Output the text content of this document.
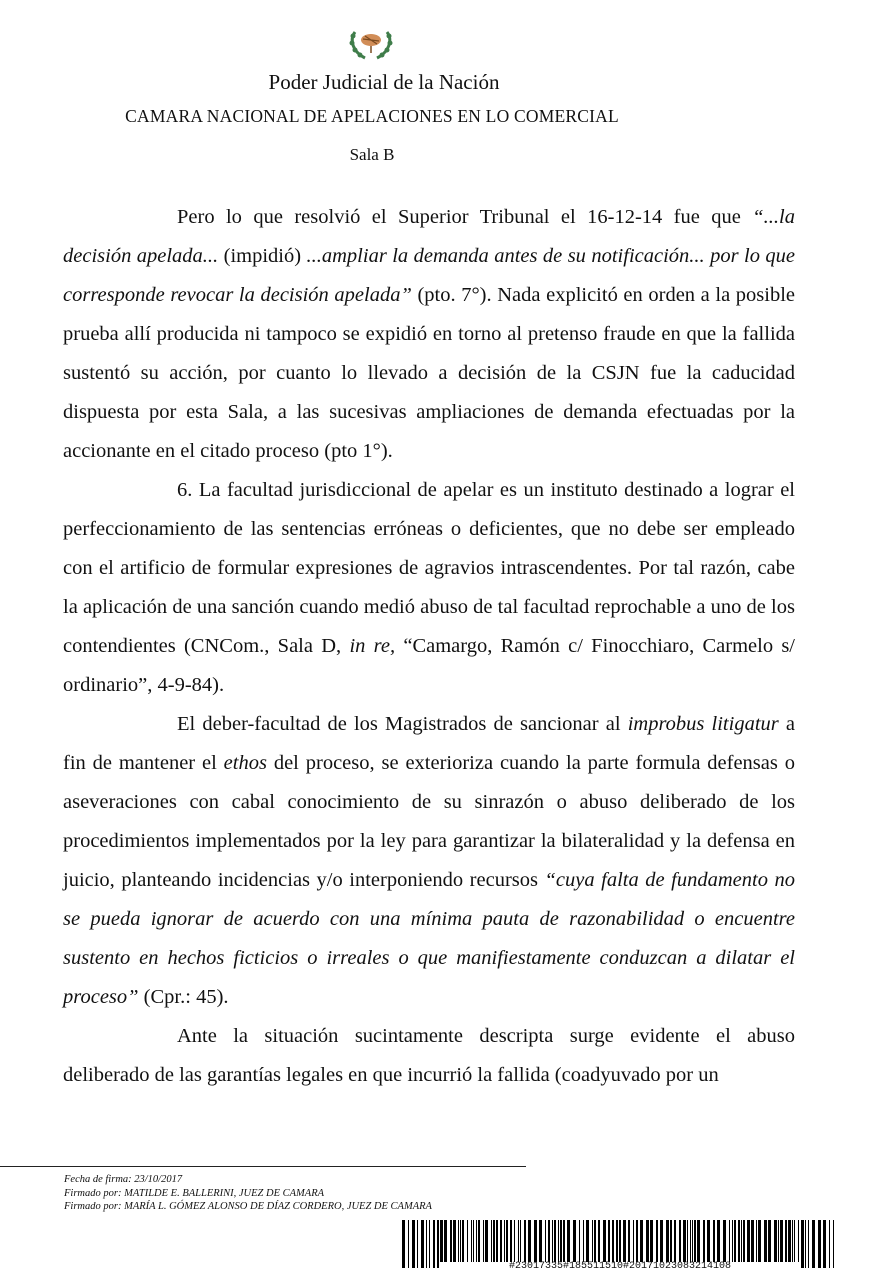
Poder Judicial de la Nación
CAMARA NACIONAL DE APELACIONES EN LO COMERCIAL
Sala B

Pero lo que resolvió el Superior Tribunal el 16-12-14 fue que “...la decisión apelada... (impidió) ...ampliar la demanda antes de su notificación... por lo que corresponde revocar la decisión apelada” (pto. 7°). Nada explicitó en orden a la posible prueba allí producida ni tampoco se expidió en torno al pretenso fraude en que la fallida sustentó su acción, por cuanto lo llevado a decisión de la CSJN fue la caducidad dispuesta por esta Sala, a las sucesivas ampliaciones de demanda efectuadas por la accionante en el citado proceso (pto 1°).

6. La facultad jurisdiccional de apelar es un instituto destinado a lograr el perfeccionamiento de las sentencias erróneas o deficientes, que no debe ser empleado con el artificio de formular expresiones de agravios intrascendentes. Por tal razón, cabe la aplicación de una sanción cuando medió abuso de tal facultad reprochable a uno de los contendientes (CNCom., Sala D, in re, “Camargo, Ramón c/ Finocchiaro, Carmelo s/ ordinario”, 4-9-84).

El deber-facultad de los Magistrados de sancionar al improbus litigatur a fin de mantener el ethos del proceso, se exterioriza cuando la parte formula defensas o aseveraciones con cabal conocimiento de su sinrazón o abuso deliberado de los procedimientos implementados por la ley para garantizar la bilateralidad y la defensa en juicio, planteando incidencias y/o interponiendo recursos “cuya falta de fundamento no se pueda ignorar de acuerdo con una mínima pauta de razonabilidad o encuentre sustento en hechos ficticios o irreales o que manifiestamente conduzcan a dilatar el proceso” (Cpr.: 45).

Ante la situación sucintamente descripta surge evidente el abuso deliberado de las garantías legales en que incurrió la fallida (coadyuvado por un

Fecha de firma: 23/10/2017
Firmado por: MATILDE E. BALLERINI, JUEZ DE CAMARA
Firmado por: MARÍA L. GÓMEZ ALONSO DE DÍAZ CORDERO, JUEZ DE CAMARA
#23017335#185511510#20171023083214108
